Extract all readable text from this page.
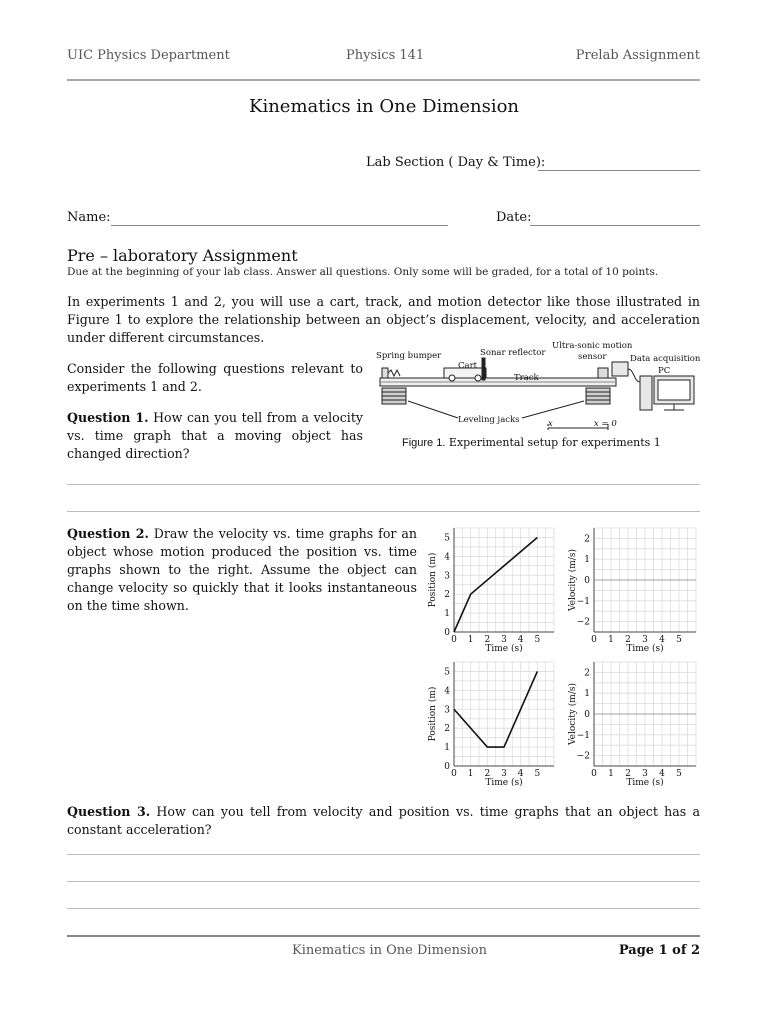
UIC Physics Department	Physics 141	Prelab Assignment
Kinematics in One Dimension
Lab Section ( Day & Time):
Name:	Date:
Pre – laboratory Assignment
Due at the beginning of your lab class. Answer all questions. Only some will be graded, for a total of 10 points.
In experiments 1 and 2, you will use a cart, track, and motion detector like those illustrated in Figure 1 to explore the relationship between an object’s displacement, velocity, and acceleration under different circumstances.
Consider the following questions relevant to experiments 1 and 2.
Question 1. How can you tell from a velocity vs. time graph that a moving object has changed direction?
Spring bumper	Sonar reflector
Ultra-sonic motion
sensor
Cart
Track
Data acquisition
PC
Leveling jacks	x	x = 0
Figure 1. Experimental setup for experiments 1
Question 2. Draw the velocity vs. time graphs for an object whose motion produced the position vs. time graphs shown to the right. Assume the object can change velocity so quickly that it looks instantaneous on the time shown.
0 1 2 3 4 5
0
1
2
3
4
5
Time (s)
Position (m)
0 1 2 3 4 5
−2
−1
0
1
2
Time (s)
Velocity (m/s)
0 1 2 3 4 5
0
1
2
3
4
5
Time (s)
Position (m)
0 1 2 3 4 5
−2
−1
0
1
2
Time (s)
Velocity (m/s)
Question 3. How can you tell from velocity and position vs. time graphs that an object has a constant acceleration?
Kinematics in One Dimension	Page 1 of 2
